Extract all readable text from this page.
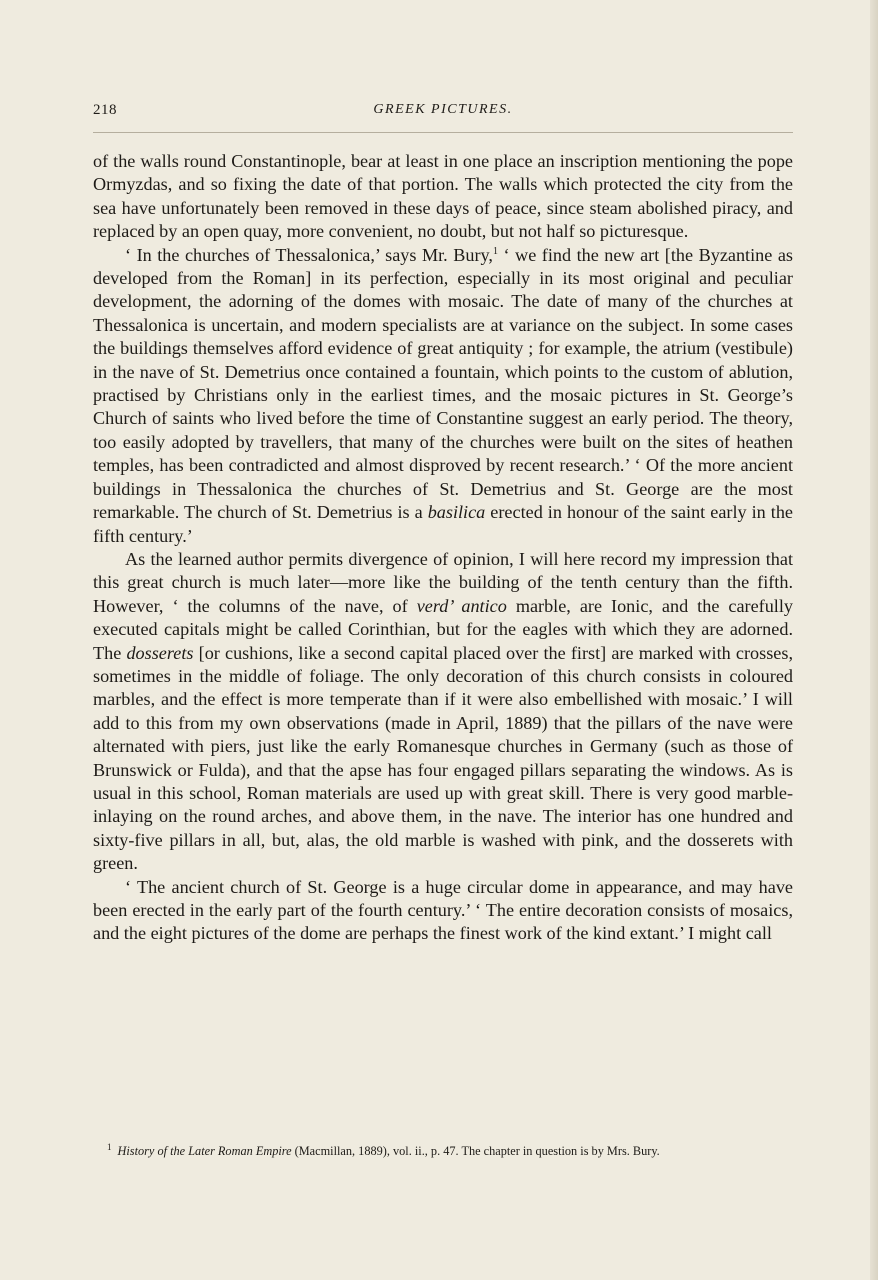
218	GREEK PICTURES.

of the walls round Constantinople, bear at least in one place an inscription mentioning the pope Ormyzdas, and so fixing the date of that portion. The walls which protected the city from the sea have unfortunately been removed in these days of peace, since steam abolished piracy, and replaced by an open quay, more convenient, no doubt, but not half so picturesque.

‘ In the churches of Thessalonica,’ says Mr. Bury,$^1$ ‘ we find the new art [the Byzantine as developed from the Roman] in its perfection, especially in its most original and peculiar development, the adorning of the domes with mosaic. The date of many of the churches at Thessalonica is uncertain, and modern specialists are at variance on the subject. In some cases the buildings themselves afford evidence of great antiquity ; for example, the atrium (vestibule) in the nave of St. Demetrius once contained a fountain, which points to the custom of ablution, practised by Christians only in the earliest times, and the mosaic pictures in St. George’s Church of saints who lived before the time of Constantine suggest an early period. The theory, too easily adopted by travellers, that many of the churches were built on the sites of heathen temples, has been contradicted and almost disproved by recent research.’ ‘ Of the more ancient buildings in Thessalonica the churches of St. Demetrius and St. George are the most remarkable. The church of St. Demetrius is a basilica erected in honour of the saint early in the fifth century.’

As the learned author permits divergence of opinion, I will here record my impression that this great church is much later—more like the building of the tenth century than the fifth. However, ‘ the columns of the nave, of verd’ antico marble, are Ionic, and the carefully executed capitals might be called Corinthian, but for the eagles with which they are adorned. The dosserets [or cushions, like a second capital placed over the first] are marked with crosses, sometimes in the middle of foliage. The only decoration of this church consists in coloured marbles, and the effect is more temperate than if it were also embellished with mosaic.’ I will add to this from my own observations (made in April, 1889) that the pillars of the nave were alternated with piers, just like the early Romanesque churches in Germany (such as those of Brunswick or Fulda), and that the apse has four engaged pillars separating the windows. As is usual in this school, Roman materials are used up with great skill. There is very good marble-inlaying on the round arches, and above them, in the nave. The interior has one hundred and sixty-five pillars in all, but, alas, the old marble is washed with pink, and the dosserets with green.

‘ The ancient church of St. George is a huge circular dome in appearance, and may have been erected in the early part of the fourth century.’ ‘ The entire decoration consists of mosaics, and the eight pictures of the dome are perhaps the finest work of the kind extant.’ I might call

$^1$ History of the Later Roman Empire (Macmillan, 1889), vol. ii., p. 47. The chapter in question is by Mrs. Bury.
